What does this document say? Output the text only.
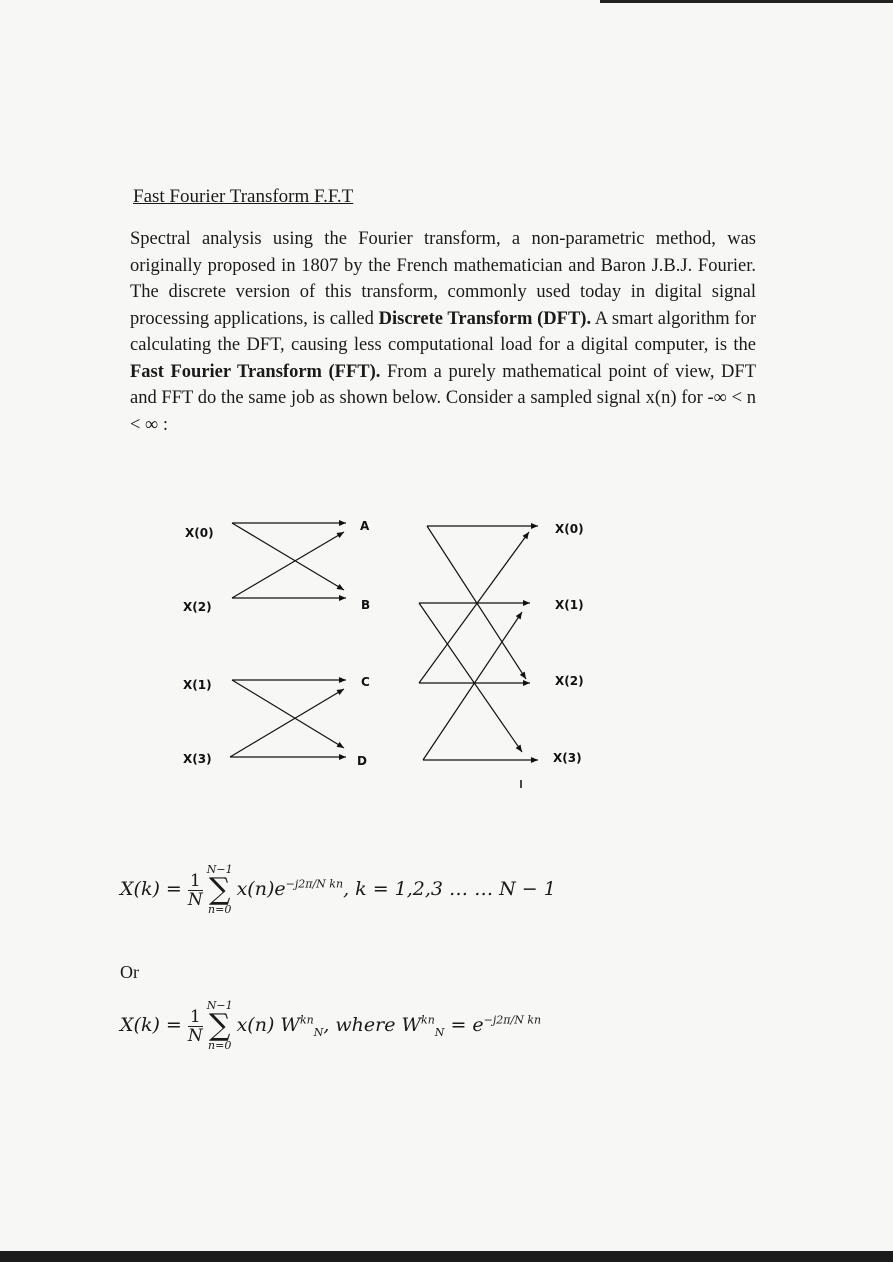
Fast Fourier Transform F.F.T
Spectral analysis using the Fourier transform, a non-parametric method, was originally proposed in 1807 by the French mathematician and Baron J.B.J. Fourier. The discrete version of this transform, commonly used today in digital signal processing applications, is called Discrete Transform (DFT). A smart algorithm for calculating the DFT, causing less computational load for a digital computer, is the Fast Fourier Transform (FFT). From a purely mathematical point of view, DFT and FFT do the same job as shown below. Consider a sampled signal x(n) for -∞ < n < ∞ :
X(0)
X(2)
X(1)
X(3)
A
B
C
D
X(0)
X(1)
X(2)
X(3)
$X(k) = \frac{1}{N}$
N−1
∑
n=0
$x(n)e^{-j2\pi/N kn}$, k = 1,2,3 … … N − 1
Or
$X(k) = \frac{1}{N}$
N−1
∑
n=0
x(n) $W^{kn}_N$, where $W^{kn}_N = e^{-j2\pi/N kn}$
